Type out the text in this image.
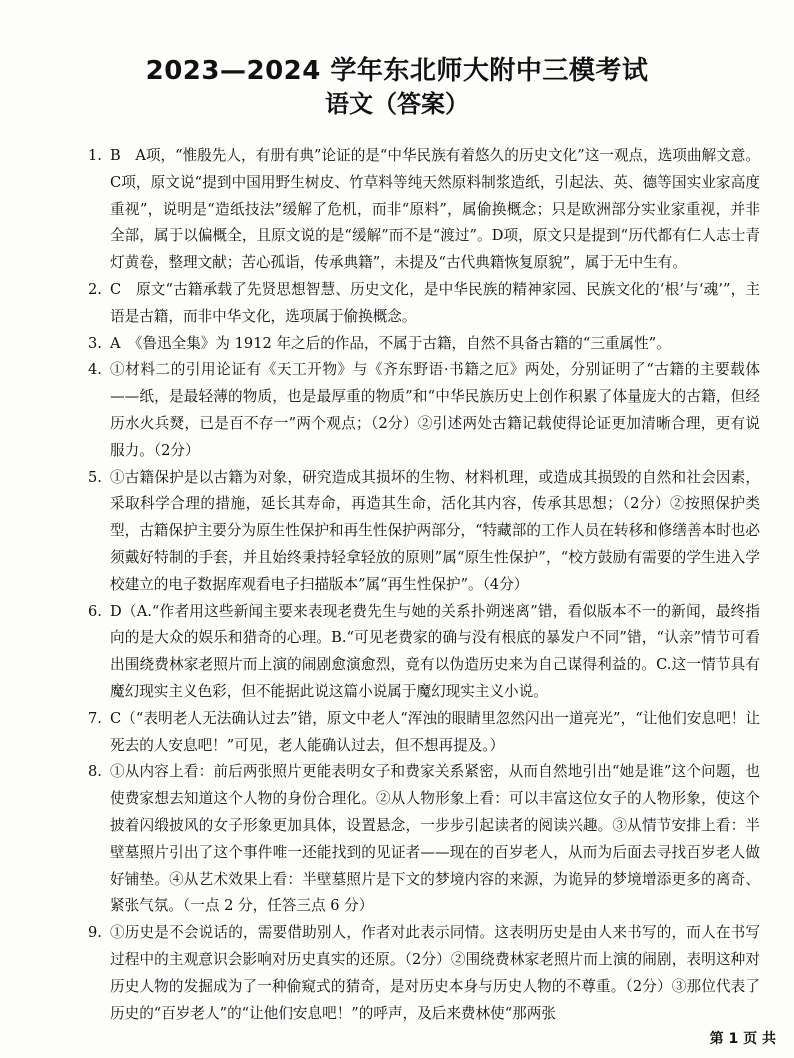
2023—2024 学年东北师大附中三模考试
语文（答案）

1. B　A项，“惟殷先人，有册有典”论证的是“中华民族有着悠久的历史文化”这一观点，选项曲解文意。C项，原文说“提到中国用野生树皮、竹草料等纯天然原料制浆造纸，引起法、英、德等国实业家高度重视”，说明是“造纸技法”缓解了危机，而非“原料”，属偷换概念；只是欧洲部分实业家重视，并非全部，属于以偏概全，且原文说的是“缓解”而不是“渡过”。D项，原文只是提到“历代都有仁人志士青灯黄卷，整理文献；苦心孤诣，传承典籍”，未提及“古代典籍恢复原貌”，属于无中生有。

2. C　原文“古籍承载了先贤思想智慧、历史文化，是中华民族的精神家园、民族文化的‘根’与‘魂’”，主语是古籍，而非中华文化，选项属于偷换概念。

3. A　《鲁迅全集》为 1912 年之后的作品，不属于古籍，自然不具备古籍的“三重属性”。

4. ①材料二的引用论证有《天工开物》与《齐东野语·书籍之厄》两处，分别证明了“古籍的主要载体——纸，是最轻薄的物质，也是最厚重的物质”和“中华民族历史上创作积累了体量庞大的古籍，但经历水火兵燹，已是百不存一”两个观点；（2分）②引述两处古籍记载使得论证更加清晰合理，更有说服力。（2分）

5. ①古籍保护是以古籍为对象，研究造成其损坏的生物、材料机理，或造成其损毁的自然和社会因素，采取科学合理的措施，延长其寿命，再造其生命，活化其内容，传承其思想；（2分）②按照保护类型，古籍保护主要分为原生性保护和再生性保护两部分，“特藏部的工作人员在转移和修缮善本时也必须戴好特制的手套，并且始终秉持轻拿轻放的原则”属“原生性保护”，“校方鼓励有需要的学生进入学校建立的电子数据库观看电子扫描版本”属“再生性保护”。（4分）

6. D（A.“作者用这些新闻主要来表现老费先生与她的关系扑朔迷离”错，看似版本不一的新闻，最终指向的是大众的娱乐和猎奇的心理。B.“可见老费家的确与没有根底的暴发户不同”错，“认亲”情节可看出围绕费林家老照片而上演的闹剧愈演愈烈，竟有以伪造历史来为自己谋得利益的。C.这一情节具有魔幻现实主义色彩，但不能据此说这篇小说属于魔幻现实主义小说。

7. C（“表明老人无法确认过去”错，原文中老人“浑浊的眼睛里忽然闪出一道亮光”，“让他们安息吧！让死去的人安息吧！”可见，老人能确认过去，但不想再提及。）

8. ①从内容上看：前后两张照片更能表明女子和费家关系紧密，从而自然地引出“她是谁”这个问题，也使费家想去知道这个人物的身份合理化。②从人物形象上看：可以丰富这位女子的人物形象，使这个披着闪缎披风的女子形象更加具体，设置悬念，一步步引起读者的阅读兴趣。③从情节安排上看：半壁墓照片引出了这个事件唯一还能找到的见证者——现在的百岁老人，从而为后面去寻找百岁老人做好铺垫。④从艺术效果上看：半壁墓照片是下文的梦境内容的来源，为诡异的梦境增添更多的离奇、紧张气氛。（一点 2 分，任答三点 6 分）

9. ①历史是不会说话的，需要借助别人，作者对此表示同情。这表明历史是由人来书写的，而人在书写过程中的主观意识会影响对历史真实的还原。（2分）②围绕费林家老照片而上演的闹剧，表明这种对历史人物的发掘成为了一种偷窥式的猜奇，是对历史本身与历史人物的不尊重。（2分）③那位代表了历史的“百岁老人”的“让他们安息吧！”的呼声，及后来费林使“那两张

第 1 页 共
